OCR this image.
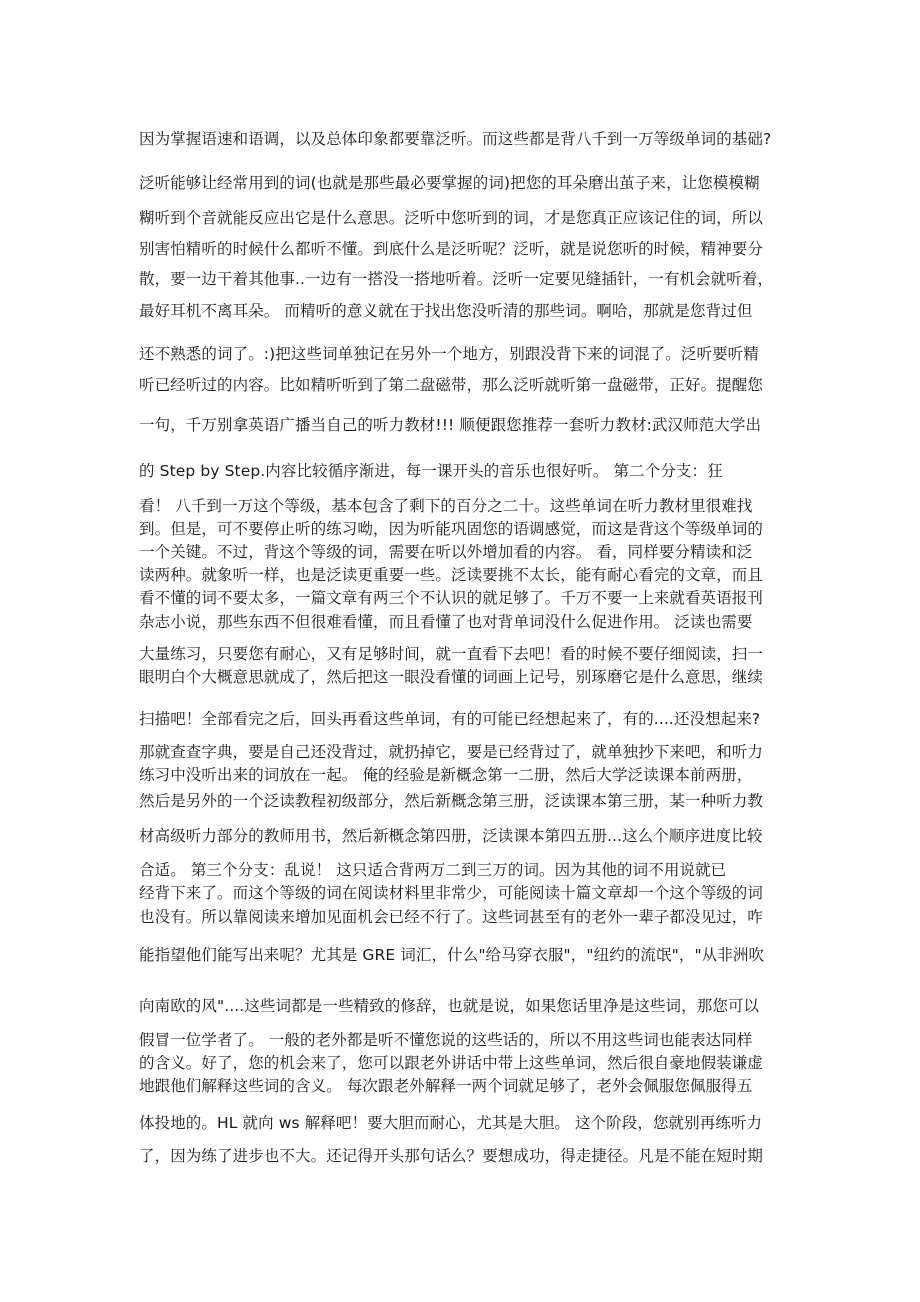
因为掌握语速和语调，以及总体印象都要靠泛听。而这些都是背八千到一万等级单词的基础?
泛听能够让经常用到的词(也就是那些最必要掌握的词)把您的耳朵磨出茧子来，让您模模糊
糊听到个音就能反应出它是什么意思。泛听中您听到的词，才是您真正应该记住的词，所以
别害怕精听的时候什么都听不懂。到底什么是泛听呢？泛听，就是说您听的时候，精神要分
散，要一边干着其他事..一边有一搭没一搭地听着。泛听一定要见缝插针，一有机会就听着，
最好耳机不离耳朵。 而精听的意义就在于找出您没听清的那些词。啊哈，那就是您背过但
还不熟悉的词了。:)把这些词单独记在另外一个地方，别跟没背下来的词混了。泛听要听精
听已经听过的内容。比如精听听到了第二盘磁带，那么泛听就听第一盘磁带，正好。提醒您
一句，千万别拿英语广播当自己的听力教材!!! 顺便跟您推荐一套听力教材:武汉师范大学出
的 Step by Step.内容比较循序渐进，每一课开头的音乐也很好听。 第二个分支：狂
看！ 八千到一万这个等级，基本包含了剩下的百分之二十。这些单词在听力教材里很难找
到。但是，可不要停止听的练习呦，因为听能巩固您的语调感觉，而这是背这个等级单词的
一个关键。不过，背这个等级的词，需要在听以外增加看的内容。 看，同样要分精读和泛
读两种。就象听一样，也是泛读更重要一些。泛读要挑不太长，能有耐心看完的文章，而且
看不懂的词不要太多，一篇文章有两三个不认识的就足够了。千万不要一上来就看英语报刊
杂志小说，那些东西不但很难看懂，而且看懂了也对背单词没什么促进作用。 泛读也需要
大量练习，只要您有耐心，又有足够时间，就一直看下去吧！看的时候不要仔细阅读，扫一
眼明白个大概意思就成了，然后把这一眼没看懂的词画上记号，别琢磨它是什么意思，继续
扫描吧！全部看完之后，回头再看这些单词，有的可能已经想起来了，有的....还没想起来?
那就查查字典，要是自己还没背过，就扔掉它，要是已经背过了，就单独抄下来吧，和听力
练习中没听出来的词放在一起。 俺的经验是新概念第一二册，然后大学泛读课本前两册，
然后是另外的一个泛读教程初级部分，然后新概念第三册，泛读课本第三册，某一种听力教
材高级听力部分的教师用书，然后新概念第四册，泛读课本第四五册...这么个顺序进度比较
合适。 第三个分支：乱说！ 这只适合背两万二到三万的词。因为其他的词不用说就已
经背下来了。而这个等级的词在阅读材料里非常少，可能阅读十篇文章却一个这个等级的词
也没有。所以靠阅读来增加见面机会已经不行了。这些词甚至有的老外一辈子都没见过，咋
能指望他们能写出来呢？尤其是 GRE 词汇，什么"给马穿衣服"，"纽约的流氓"，"从非洲吹
向南欧的风"....这些词都是一些精致的修辞，也就是说，如果您话里净是这些词，那您可以
假冒一位学者了。 一般的老外都是听不懂您说的这些话的，所以不用这些词也能表达同样
的含义。好了，您的机会来了，您可以跟老外讲话中带上这些单词，然后很自豪地假装谦虚
地跟他们解释这些词的含义。 每次跟老外解释一两个词就足够了，老外会佩服您佩服得五
体投地的。HL 就向 ws 解释吧！要大胆而耐心，尤其是大胆。 这个阶段，您就别再练听力
了，因为练了进步也不大。还记得开头那句话么？要想成功，得走捷径。凡是不能在短时期
